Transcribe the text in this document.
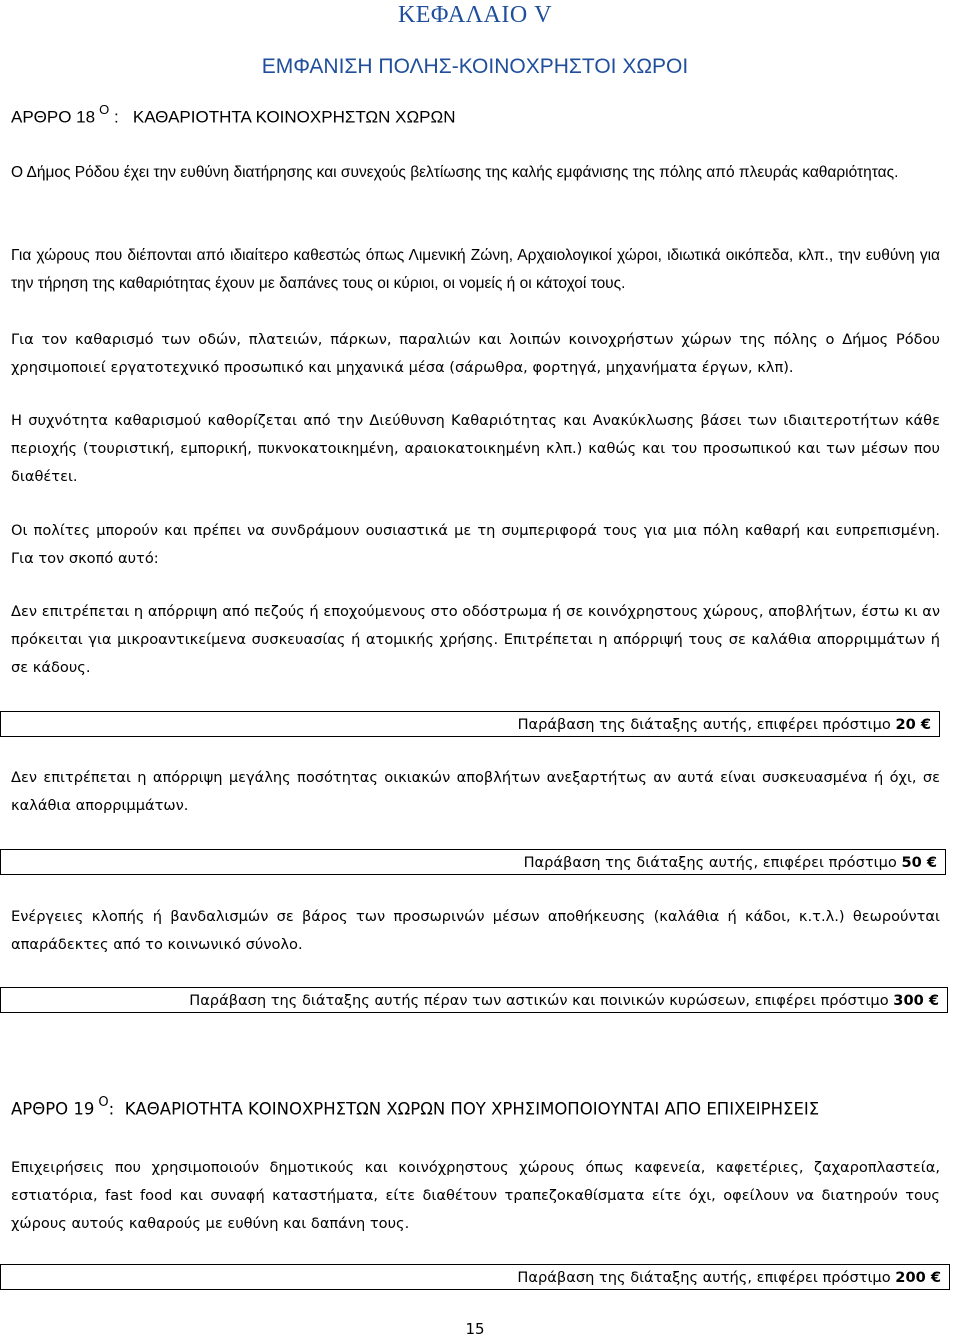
ΚΕΦΑΛΑΙΟ V
ΕΜΦΑΝΙΣΗ ΠΟΛΗΣ-ΚΟΙΝΟΧΡΗΣΤΟΙ ΧΩΡΟΙ
ΑΡΘΡΟ 18 $^O$ : ΚΑΘΑΡΙΟΤΗΤΑ ΚΟΙΝΟΧΡΗΣΤΩΝ ΧΩΡΩΝ
Ο Δήμος Ρόδου έχει την ευθύνη διατήρησης και συνεχούς βελτίωσης της καλής εμφάνισης της πόλης από πλευράς καθαριότητας.
Για χώρους που διέπονται από ιδιαίτερο καθεστώς όπως Λιμενική Ζώνη, Αρχαιολογικοί χώροι, ιδιωτικά οικόπεδα, κλπ., την ευθύνη για την τήρηση της καθαριότητας έχουν με δαπάνες τους οι κύριοι, οι νομείς ή οι κάτοχοί τους.
Για τον καθαρισμό των οδών, πλατειών, πάρκων, παραλιών και λοιπών κοινοχρήστων χώρων της πόλης ο Δήμος Ρόδου χρησιμοποιεί εργατοτεχνικό προσωπικό και μηχανικά μέσα (σάρωθρα, φορτηγά, μηχανήματα έργων, κλπ).
Η συχνότητα καθαρισμού καθορίζεται από την Διεύθυνση Καθαριότητας και Ανακύκλωσης βάσει των ιδιαιτεροτήτων κάθε περιοχής (τουριστική, εμπορική, πυκνοκατοικημένη, αραιοκατοικημένη κλπ.) καθώς και του προσωπικού και των μέσων που διαθέτει.
Οι πολίτες μπορούν και πρέπει να συνδράμουν ουσιαστικά με τη συμπεριφορά τους για μια πόλη καθαρή και ευπρεπισμένη. Για τον σκοπό αυτό:
Δεν επιτρέπεται η απόρριψη από πεζούς ή εποχούμενους στο οδόστρωμα ή σε κοινόχρηστους χώρους, αποβλήτων, έστω κι αν πρόκειται για μικροαντικείμενα συσκευασίας ή ατομικής χρήσης. Επιτρέπεται η απόρριψή τους σε καλάθια απορριμμάτων ή σε κάδους.
Παράβαση της διάταξης αυτής, επιφέρει πρόστιμο 20 €
Δεν επιτρέπεται η απόρριψη μεγάλης ποσότητας οικιακών αποβλήτων ανεξαρτήτως αν αυτά είναι συσκευασμένα ή όχι, σε καλάθια απορριμμάτων.
Παράβαση της διάταξης αυτής, επιφέρει πρόστιμο 50 €
Ενέργειες κλοπής ή βανδαλισμών σε βάρος των προσωρινών μέσων αποθήκευσης (καλάθια ή κάδοι, κ.τ.λ.) θεωρούνται απαράδεκτες από το κοινωνικό σύνολο.
Παράβαση της διάταξης αυτής πέραν των αστικών και ποινικών κυρώσεων, επιφέρει πρόστιμο 300 €
ΑΡΘΡΟ 19 $^O$: ΚΑΘΑΡΙΟΤΗΤΑ ΚΟΙΝΟΧΡΗΣΤΩΝ ΧΩΡΩΝ ΠΟΥ ΧΡΗΣΙΜΟΠΟΙΟΥΝΤΑΙ ΑΠΟ ΕΠΙΧΕΙΡΗΣΕΙΣ
Επιχειρήσεις που χρησιμοποιούν δημοτικούς και κοινόχρηστους χώρους όπως καφενεία, καφετέριες, ζαχαροπλαστεία, εστιατόρια, fast food και συναφή καταστήματα, είτε διαθέτουν τραπεζοκαθίσματα είτε όχι, οφείλουν να διατηρούν τους χώρους αυτούς καθαρούς με ευθύνη και δαπάνη τους.
Παράβαση της διάταξης αυτής, επιφέρει πρόστιμο 200 €
15
